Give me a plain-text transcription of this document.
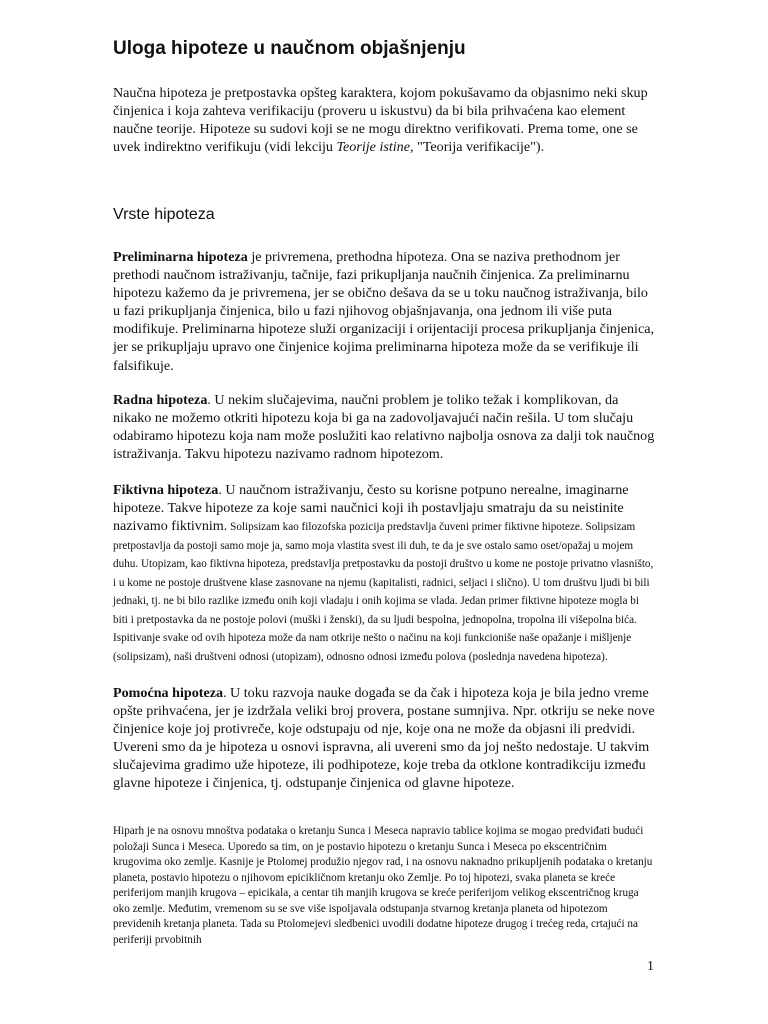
Uloga hipoteze u naučnom objašnjenju

Naučna hipoteza je pretpostavka opšteg karaktera, kojom pokušavamo da objasnimo neki skup činjenica i koja zahteva verifikaciju (proveru u iskustvu) da bi bila prihvaćena kao element naučne teorije. Hipoteze su sudovi koji se ne mogu direktno verifikovati. Prema tome, one se uvek indirektno verifikuju (vidi lekciju Teorije istine, "Teorija verifikacije").

Vrste hipoteza

Preliminarna hipoteza je privremena, prethodna hipoteza. Ona se naziva prethodnom jer prethodi naučnom istraživanju, tačnije, fazi prikupljanja naučnih činjenica. Za preliminarnu hipotezu kažemo da je privremena, jer se obično dešava da se u toku naučnog istraživanja, bilo u fazi prikupljanja činjenica, bilo u fazi njihovog objašnjavanja, ona jednom ili više puta modifikuje. Preliminarna hipoteze služi organizaciji i orijentaciji procesa prikupljanja činjenica, jer se prikupljaju upravo one činjenice kojima preliminarna hipoteza može da se verifikuje ili falsifikuje.

Radna hipoteza. U nekim slučajevima, naučni problem je toliko težak i komplikovan, da nikako ne možemo otkriti hipotezu koja bi ga na zadovoljavajući način rešila. U tom slučaju odabiramo hipotezu koja nam može poslužiti kao relativno najbolja osnova za dalji tok naučnog istraživanja. Takvu hipotezu nazivamo radnom hipotezom.

Fiktivna hipoteza. U naučnom istraživanju, često su korisne potpuno nerealne, imaginarne hipoteze. Takve hipoteze za koje sami naučnici koji ih postavljaju smatraju da su neistinite nazivamo fiktivnim. Solipsizam kao filozofska pozicija predstavlja čuveni primer fiktivne hipoteze. Solipsizam pretpostavlja da postoji samo moje ja, samo moja vlastita svest ili duh, te da je sve ostalo samo oset/opažaj u mojem duhu. Utopizam, kao fiktivna hipoteza, predstavlja pretpostavku da postoji društvo u kome ne postoje privatno vlasništo, i u kome ne postoje društvene klase zasnovane na njemu (kapitalisti, radnici, seljaci i slično). U tom društvu ljudi bi bili jednaki, tj. ne bi bilo razlike između onih koji vladaju i onih kojima se vlada. Jedan primer fiktivne hipoteze mogla bi biti i pretpostavka da ne postoje polovi (muški i ženski), da su ljudi bespolna, jednopolna, tropolna ili višepolna bića. Ispitivanje svake od ovih hipoteza može da nam otkrije nešto o načinu na koji funkcioniše naše opažanje i mišljenje (solipsizam), naši društveni odnosi (utopizam), odnosno odnosi između polova (poslednja navedena hipoteza).

Pomoćna hipoteza. U toku razvoja nauke događa se da čak i hipoteza koja je bila jedno vreme opšte prihvaćena, jer je izdržala veliki broj provera, postane sumnjiva. Npr. otkriju se neke nove činjenice koje joj protivreče, koje odstupaju od nje, koje ona ne može da objasni ili predvidi. Uvereni smo da je hipoteza u osnovi ispravna, ali uvereni smo da joj nešto nedostaje. U takvim slučajevima gradimo uže hipoteze, ili podhipoteze, koje treba da otklone kontradikciju između glavne hipoteze i činjenica, tj. odstupanje činjenica od glavne hipoteze.

Hiparh je na osnovu mnoštva podataka o kretanju Sunca i Meseca napravio tablice kojima se mogao predviđati budući položaji Sunca i Meseca. Uporedo sa tim, on je postavio hipotezu o kretanju Sunca i Meseca po ekscentričnim krugovima oko zemlje. Kasnije je Ptolomej produžio njegov rad, i na osnovu naknadno prikupljenih podataka o kretanju planeta, postavio hipotezu o njihovom epicikličnom kretanju oko Zemlje. Po toj hipotezi, svaka planeta se kreće periferijom manjih krugova – epicikala, a centar tih manjih krugova se kreće periferijom velikog ekscentričnog kruga oko zemlje. Međutim, vremenom su se sve više ispoljavala odstupanja stvarnog kretanja planeta od hipotezom previdenih kretanja planeta. Tada su Ptolomejevi sledbenici uvodili dodatne hipoteze drugog i trećeg reda, crtajući na periferiji prvobitnih

1
